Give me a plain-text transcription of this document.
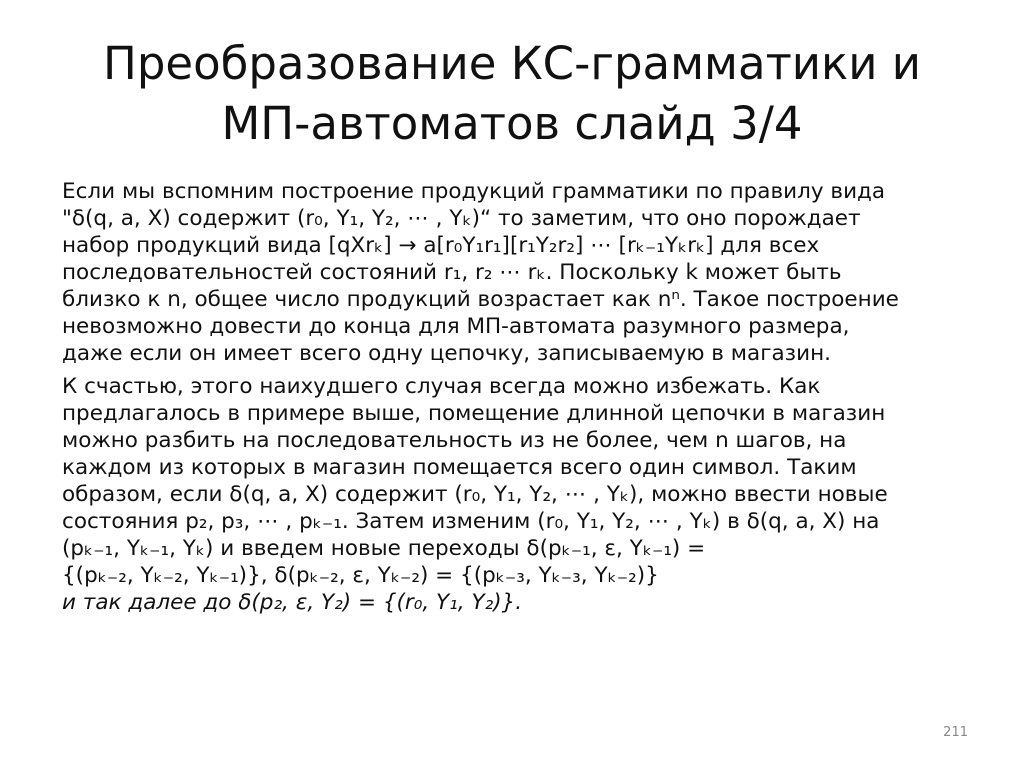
Преобразование КС-грамматики и
МП-автоматов слайд 3/4

Если мы вспомним построение продукций грамматики по правилу вида
"δ(q, a, X) содержит (r₀, Y₁, Y₂, ⋯ , Yₖ)“ то заметим, что оно порождает
набор продукций вида [qXrₖ] → a[r₀Y₁r₁][r₁Y₂r₂] ⋯ [rₖ₋₁Yₖrₖ] для всех
последовательностей состояний r₁, r₂ ⋯ rₖ. Поскольку k может быть
близко к n, общее число продукций возрастает как nⁿ. Такое построение
невозможно довести до конца для МП-автомата разумного размера,
даже если он имеет всего одну цепочку, записываемую в магазин.

К счастью, этого наихудшего случая всегда можно избежать. Как
предлагалось в примере выше, помещение длинной цепочки в магазин
можно разбить на последовательность из не более, чем n шагов, на
каждом из которых в магазин помещается всего один символ. Таким
образом, если δ(q, a, X) содержит (r₀, Y₁, Y₂, ⋯ , Yₖ), можно ввести новые
состояния p₂, p₃, ⋯ , pₖ₋₁. Затем изменим (r₀, Y₁, Y₂, ⋯ , Yₖ) в δ(q, a, X) на
(pₖ₋₁, Yₖ₋₁, Yₖ) и введем новые переходы δ(pₖ₋₁, ε, Yₖ₋₁) =
{(pₖ₋₂, Yₖ₋₂, Yₖ₋₁)}, δ(pₖ₋₂, ε, Yₖ₋₂) = {(pₖ₋₃, Yₖ₋₃, Yₖ₋₂)}
и так далее до δ(p₂, ε, Y₂) = {(r₀, Y₁, Y₂)}.

211
